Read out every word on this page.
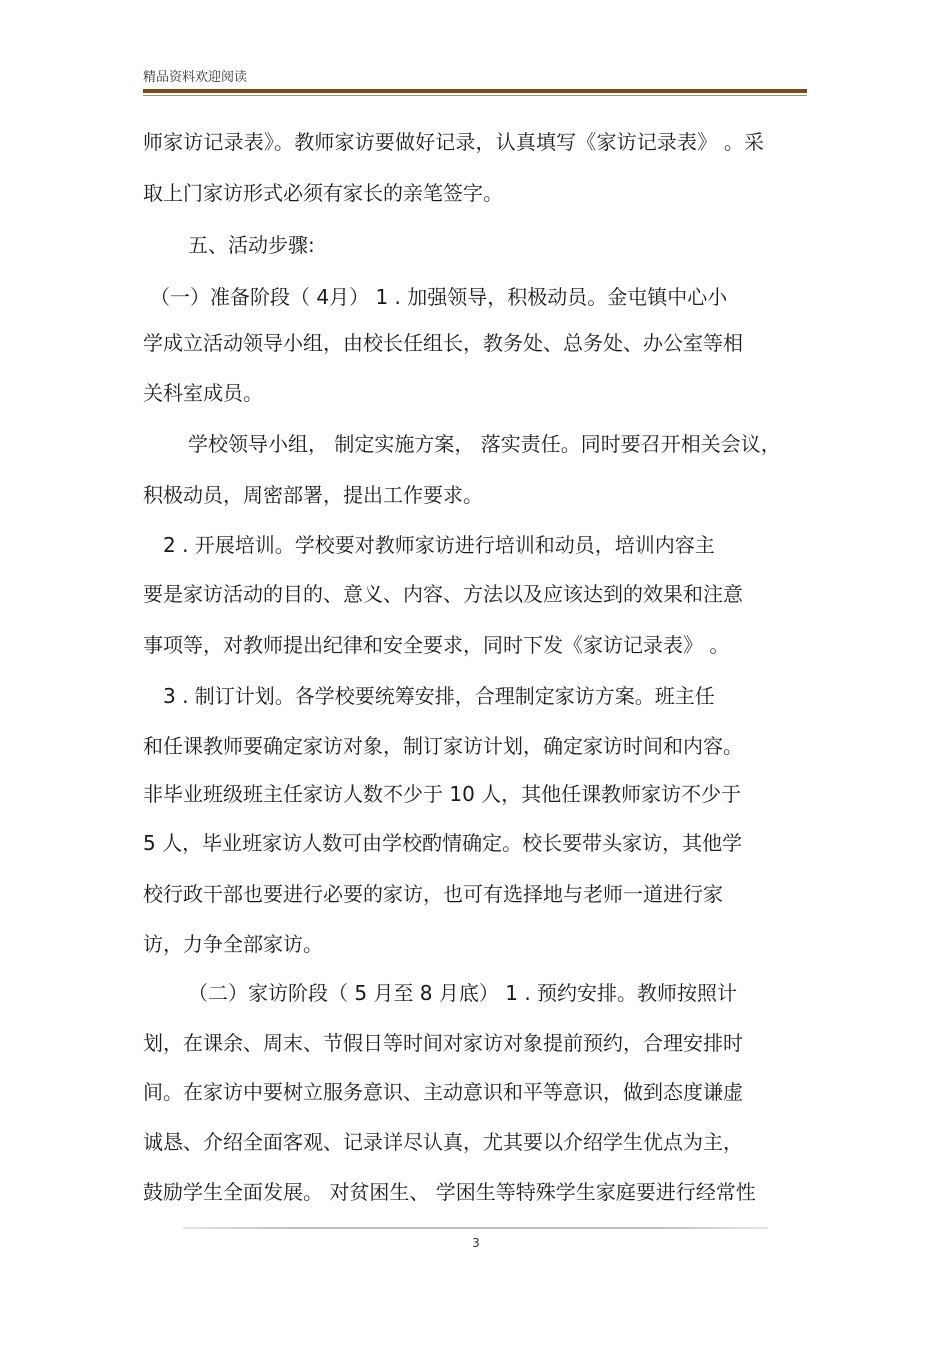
精品资料欢迎阅读
师家访记录表》。教师家访要做好记录，认真填写《家访记录表》 。采
取上门家访形式必须有家长的亲笔签字。
五、活动步骤:
（一）准备阶段（ 4月） 1 . 加强领导，积极动员。金屯镇中心小
学成立活动领导小组，由校长任组长，教务处、总务处、办公室等相
关科室成员。
学校领导小组， 制定实施方案， 落实责任。同时要召开相关会议，
积极动员，周密部署，提出工作要求。
2 . 开展培训。学校要对教师家访进行培训和动员，培训内容主
要是家访活动的目的、意义、内容、方法以及应该达到的效果和注意
事项等，对教师提出纪律和安全要求，同时下发《家访记录表》 。
3 . 制订计划。各学校要统筹安排，合理制定家访方案。班主任
和任课教师要确定家访对象，制订家访计划，确定家访时间和内容。
非毕业班级班主任家访人数不少于 10 人，其他任课教师家访不少于
5 人，毕业班家访人数可由学校酌情确定。校长要带头家访，其他学
校行政干部也要进行必要的家访，也可有选择地与老师一道进行家
访，力争全部家访。
（二）家访阶段（ 5 月至 8 月底） 1 . 预约安排。教师按照计
划，在课余、周末、节假日等时间对家访对象提前预约，合理安排时
间。在家访中要树立服务意识、主动意识和平等意识，做到态度谦虚
诚恳、介绍全面客观、记录详尽认真，尤其要以介绍学生优点为主，
鼓励学生全面发展。 对贫困生、 学困生等特殊学生家庭要进行经常性
3
